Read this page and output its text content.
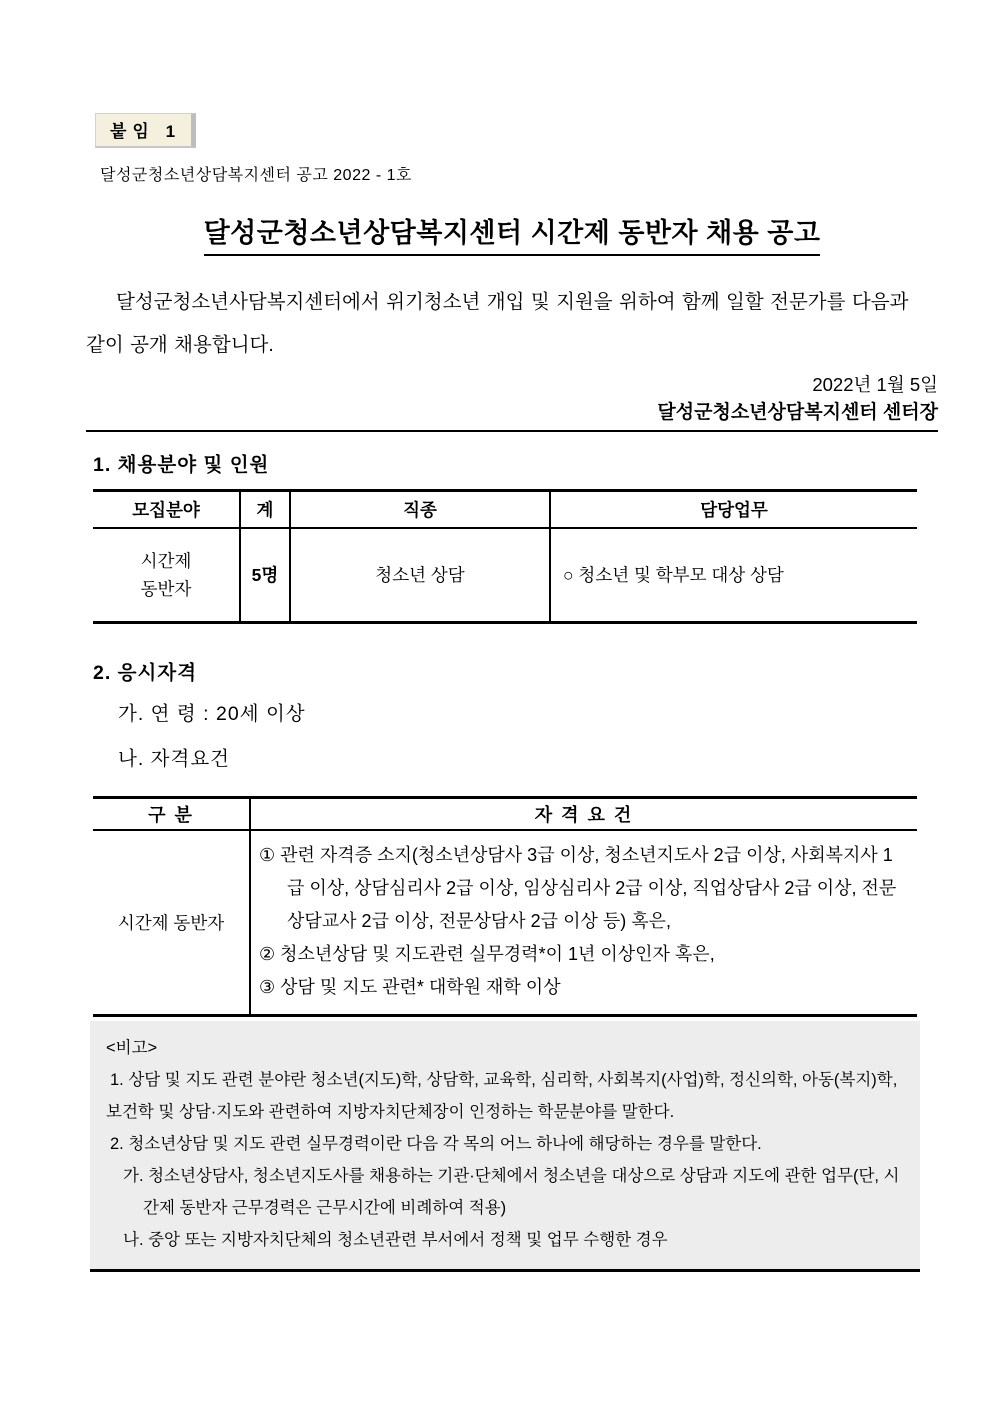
붙임 1
달성군청소년상담복지센터 공고 2022 - 1호
달성군청소년상담복지센터 시간제 동반자 채용 공고

달성군청소년사담복지센터에서 위기청소년 개입 및 지원을 위하여 함께 일할 전문가를 다음과 같이 공개 채용합니다.

2022년 1월 5일
달성군청소년상담복지센터 센터장
1. 채용분야 및 인원
모집분야	계	직종	담당업무

시간제
동반자	5명	청소년 상담	○ 청소년 및 학부모 대상 상담
2. 응시자격
가. 연 령 : 20세 이상
나. 자격요건
구 분	자 격 요 건
시간제 동반자	① 관련 자격증 소지(청소년상담사 3급 이상, 청소년지도사 2급 이상, 사회복지사 1급 이상, 상담심리사 2급 이상, 임상심리사 2급 이상, 직업상담사 2급 이상, 전문상담교사 2급 이상, 전문상담사 2급 이상 등) 혹은,
② 청소년상담 및 지도관련 실무경력*이 1년 이상인자 혹은,
③ 상담 및 지도 관련* 대학원 재학 이상
<비고>
1. 상담 및 지도 관련 분야란 청소년(지도)학, 상담학, 교육학, 심리학, 사회복지(사업)학, 정신의학, 아동(복지)학, 보건학 및 상담·지도와 관련하여 지방자치단체장이 인정하는 학문분야를 말한다.
2. 청소년상담 및 지도 관련 실무경력이란 다음 각 목의 어느 하나에 해당하는 경우를 말한다.
가. 청소년상담사, 청소년지도사를 채용하는 기관·단체에서 청소년을 대상으로 상담과 지도에 관한 업무(단, 시간제 동반자 근무경력은 근무시간에 비례하여 적용)
나. 중앙 또는 지방자치단체의 청소년관련 부서에서 정책 및 업무 수행한 경우
